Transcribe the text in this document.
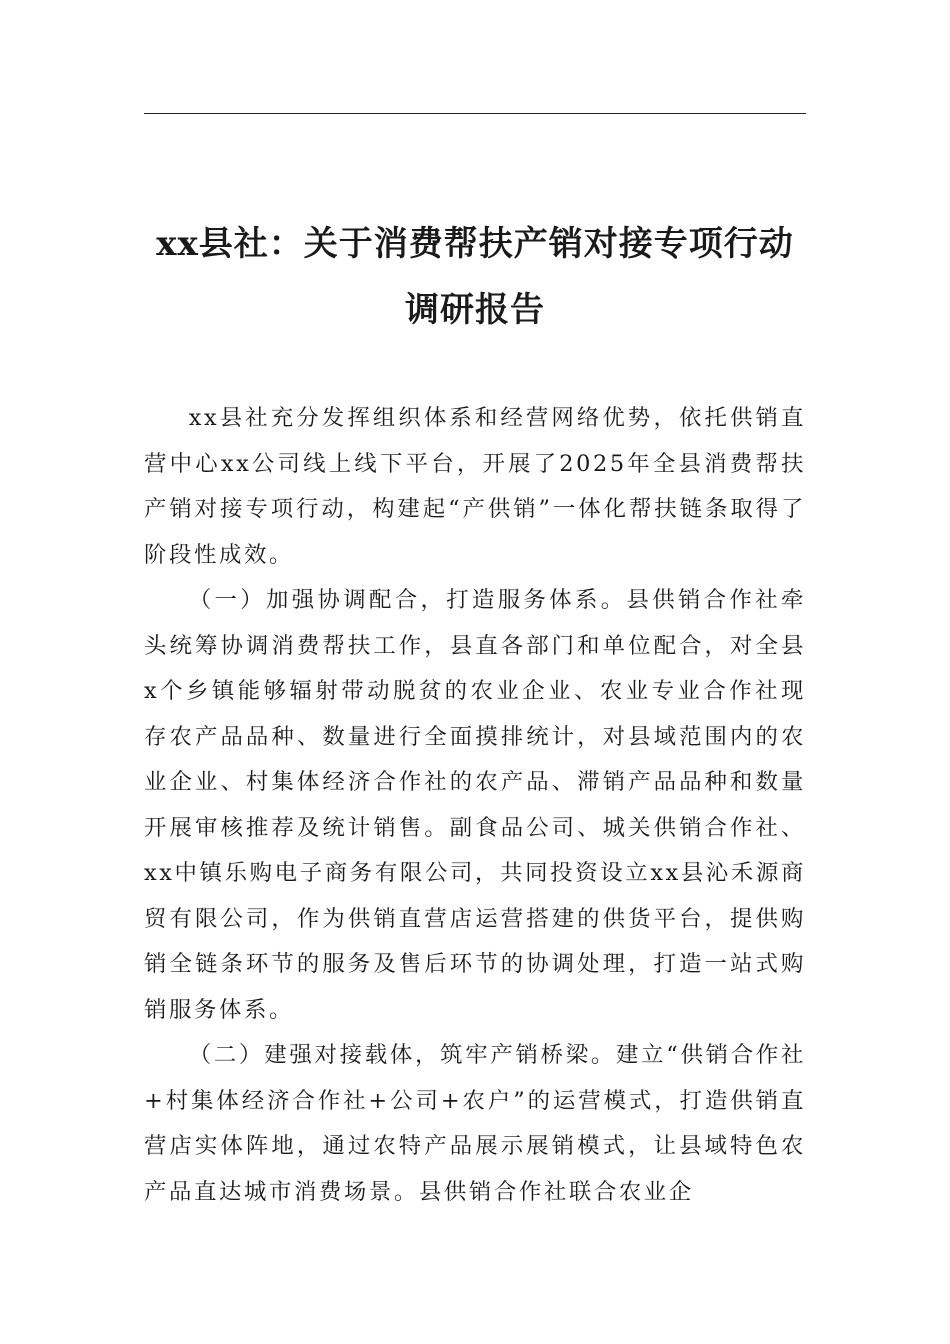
xx县社：关于消费帮扶产销对接专项行动
调研报告

xx县社充分发挥组织体系和经营网络优势，依托供销直营中心xx公司线上线下平台，开展了2025年全县消费帮扶产销对接专项行动，构建起“产供销”一体化帮扶链条取得了阶段性成效。

（一）加强协调配合，打造服务体系。县供销合作社牵头统筹协调消费帮扶工作，县直各部门和单位配合，对全县x个乡镇能够辐射带动脱贫的农业企业、农业专业合作社现存农产品品种、数量进行全面摸排统计，对县域范围内的农业企业、村集体经济合作社的农产品、滞销产品品种和数量开展审核推荐及统计销售。副食品公司、城关供销合作社、xx中镇乐购电子商务有限公司，共同投资设立xx县沁禾源商贸有限公司，作为供销直营店运营搭建的供货平台，提供购销全链条环节的服务及售后环节的协调处理，打造一站式购销服务体系。

（二）建强对接载体，筑牢产销桥梁。建立“供销合作社+村集体经济合作社+公司+农户”的运营模式，打造供销直营店实体阵地，通过农特产品展示展销模式，让县域特色农产品直达城市消费场景。县供销合作社联合农业企
